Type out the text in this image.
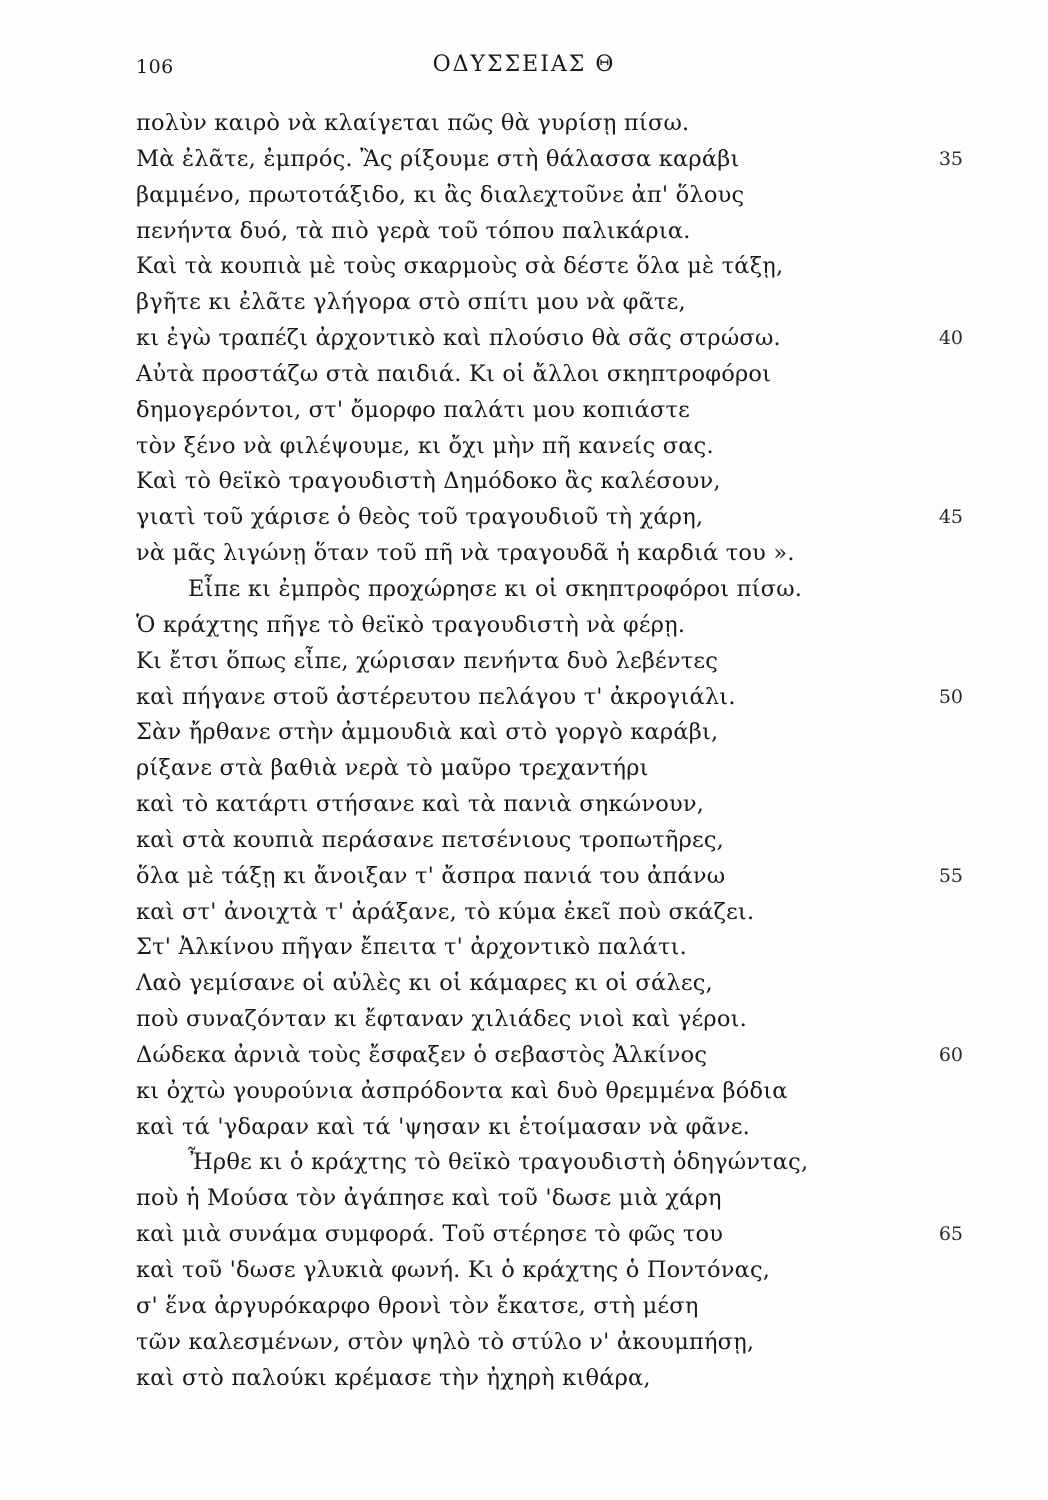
106	ΟΔΥΣΣΕΙΑΣ Θ
πολὺν καιρὸ νὰ κλαίγεται πῶς θὰ γυρίσῃ πίσω.
Μὰ ἐλᾶτε, ἐμπρός. Ἂς ρίξουμε στὴ θάλασσα καράβι	35
βαμμένο, πρωτοτάξιδο, κι ἂς διαλεχτοῦνε ἀπ' ὅλους
πενήντα δυό, τὰ πιὸ γερὰ τοῦ τόπου παλικάρια.
Καὶ τὰ κουπιὰ μὲ τοὺς σκαρμοὺς σὰ δέστε ὅλα μὲ τάξῃ,
βγῆτε κι ἐλᾶτε γλήγορα στὸ σπίτι μου νὰ φᾶτε,
κι ἐγὼ τραπέζι ἀρχοντικὸ καὶ πλούσιο θὰ σᾶς στρώσω.	40
Αὐτὰ προστάζω στὰ παιδιά. Κι οἱ ἄλλοι σκηπτροφόροι
δημογερόντοι, στ' ὄμορφο παλάτι μου κοπιάστε
τὸν ξένο νὰ φιλέψουμε, κι ὄχι μὴν πῆ κανείς σας.
Καὶ τὸ θεϊκὸ τραγουδιστὴ Δημόδοκο ἂς καλέσουν,
γιατὶ τοῦ χάρισε ὁ θεὸς τοῦ τραγουδιοῦ τὴ χάρη,	45
νὰ μᾶς λιγώνῃ ὅταν τοῦ πῆ νὰ τραγουδᾶ ἡ καρδιά του ».
Εἶπε κι ἐμπρὸς προχώρησε κι οἱ σκηπτροφόροι πίσω.
Ὁ κράχτης πῆγε τὸ θεϊκὸ τραγουδιστὴ νὰ φέρῃ.
Κι ἔτσι ὅπως εἶπε, χώρισαν πενήντα δυὸ λεβέντες
καὶ πήγανε στοῦ ἀστέρευτου πελάγου τ' ἀκρογιάλι.	50
Σὰν ἤρθανε στὴν ἀμμουδιὰ καὶ στὸ γοργὸ καράβι,
ρίξανε στὰ βαθιὰ νερὰ τὸ μαῦρο τρεχαντήρι
καὶ τὸ κατάρτι στήσανε καὶ τὰ πανιὰ σηκώνουν,
καὶ στὰ κουπιὰ περάσανε πετσένιους τροπωτῆρες,
ὅλα μὲ τάξῃ κι ἄνοιξαν τ' ἄσπρα πανιά του ἀπάνω	55
καὶ στ' ἀνοιχτὰ τ' ἀράξανε, τὸ κύμα ἐκεῖ ποὺ σκάζει.
Στ' Ἀλκίνου πῆγαν ἔπειτα τ' ἀρχοντικὸ παλάτι.
Λαὸ γεμίσανε οἱ αὐλὲς κι οἱ κάμαρες κι οἱ σάλες,
ποὺ συναζόνταν κι ἔφταναν χιλιάδες νιοὶ καὶ γέροι.
Δώδεκα ἀρνιὰ τοὺς ἔσφαξεν ὁ σεβαστὸς Ἀλκίνος	60
κι ὀχτὼ γουρούνια ἀσπρόδοντα καὶ δυὸ θρεμμένα βόδια
καὶ τά 'γδαραν καὶ τά 'ψησαν κι ἑτοίμασαν νὰ φᾶνε.
Ἦρθε κι ὁ κράχτης τὸ θεϊκὸ τραγουδιστὴ ὁδηγώντας,
ποὺ ἡ Μούσα τὸν ἀγάπησε καὶ τοῦ 'δωσε μιὰ χάρη
καὶ μιὰ συνάμα συμφορά. Τοῦ στέρησε τὸ φῶς του	65
καὶ τοῦ 'δωσε γλυκιὰ φωνή. Κι ὁ κράχτης ὁ Ποντόνας,
σ' ἕνα ἀργυρόκαρφο θρονὶ τὸν ἔκατσε, στὴ μέση
τῶν καλεσμένων, στὸν ψηλὸ τὸ στύλο ν' ἀκουμπήσῃ,
καὶ στὸ παλούκι κρέμασε τὴν ἠχηρὴ κιθάρα,
